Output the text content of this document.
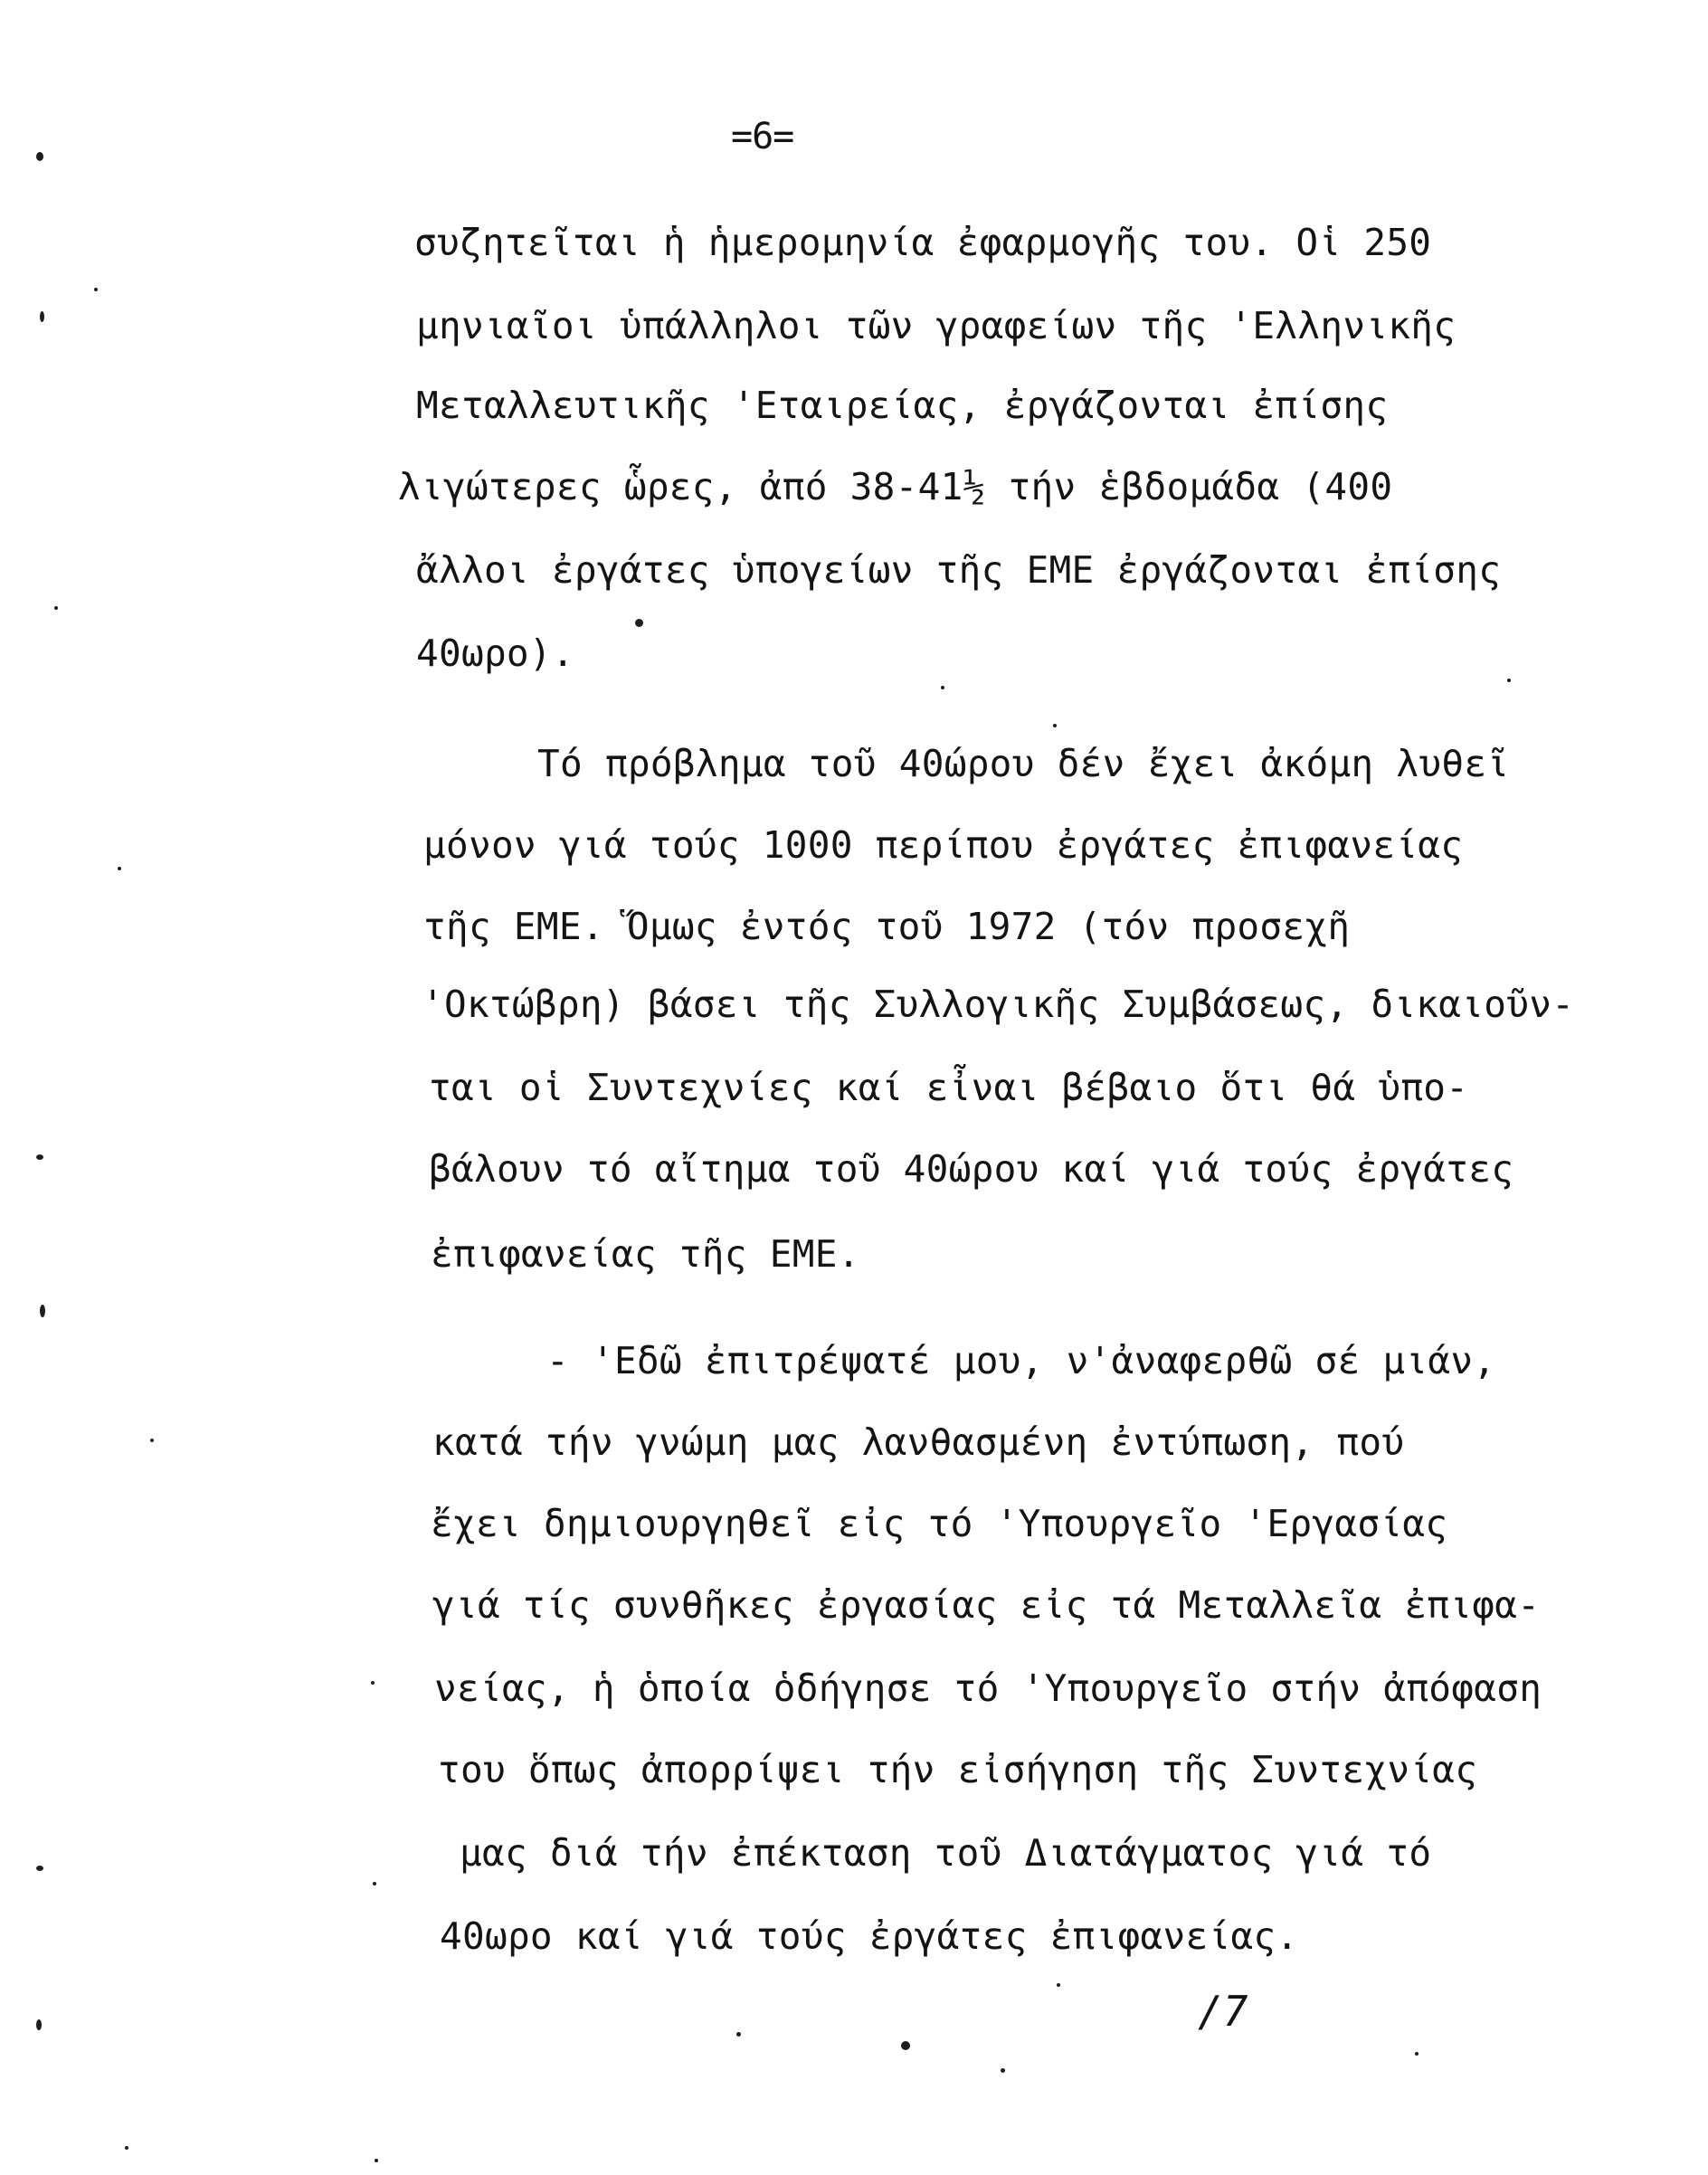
=6=
συζητεῖται ἡ ἡμερομηνία ἐφαρμογῆς του. Οἱ 250
μηνιαῖοι ὑπάλληλοι τῶν γραφείων τῆς 'Ελληνικῆς
Μεταλλευτικῆς 'Εταιρείας, ἐργάζονται ἐπίσης
λιγώτερες ὧρες, ἀπό 38-41½ τήν ἑβδομάδα (400
ἄλλοι ἐργάτες ὑπογείων τῆς ΕΜΕ ἐργάζονται ἐπίσης
40ωρο).
Τό πρόβλημα τοῦ 40ώρου δέν ἔχει ἀκόμη λυθεῖ
μόνον γιά τούς 1000 περίπου ἐργάτες ἐπιφανείας
τῆς ΕΜΕ. Ὅμως ἐντός τοῦ 1972 (τόν προσεχῆ
'Οκτώβρη) βάσει τῆς Συλλογικῆς Συμβάσεως, δικαιοῦν-
ται οἱ Συντεχνίες καί εἶναι βέβαιο ὅτι θά ὑπο-
βάλουν τό αἴτημα τοῦ 40ώρου καί γιά τούς ἐργάτες
ἐπιφανείας τῆς ΕΜΕ.
- 'Εδῶ ἐπιτρέψατέ μου, ν'ἀναφερθῶ σέ μιάν,
κατά τήν γνώμη μας λανθασμένη ἐντύπωση, πού
ἔχει δημιουργηθεῖ εἰς τό 'Υπουργεῖο 'Εργασίας
γιά τίς συνθῆκες ἐργασίας εἰς τά Μεταλλεῖα ἐπιφα-
νείας, ἡ ὁποία ὁδήγησε τό 'Υπουργεῖο στήν ἀπόφαση
του ὅπως ἀπορρίψει τήν εἰσήγηση τῆς Συντεχνίας
μας διά τήν ἐπέκταση τοῦ Διατάγματος γιά τό
40ωρο καί γιά τούς ἐργάτες ἐπιφανείας.
/7
